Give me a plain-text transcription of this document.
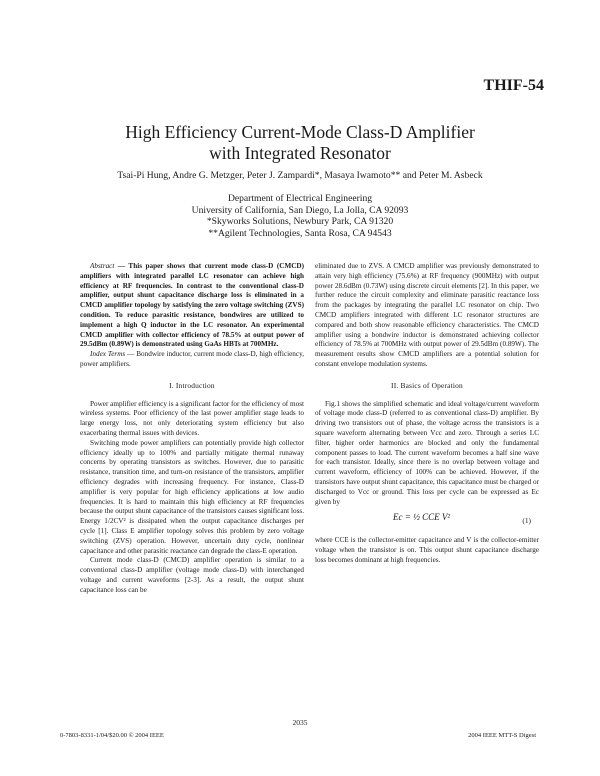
THIF-54
High Efficiency Current-Mode Class-D Amplifier
with Integrated Resonator
Tsai-Pi Hung, Andre G. Metzger, Peter J. Zampardi*, Masaya Iwamoto** and Peter M. Asbeck
Department of Electrical Engineering
University of California, San Diego, La Jolla, CA 92093
*Skyworks Solutions, Newbury Park, CA 91320
**Agilent Technologies, Santa Rosa, CA 94543

Abstract — This paper shows that current mode class-D (CMCD) amplifiers with integrated parallel LC resonator can achieve high efficiency at RF frequencies. In contrast to the conventional class-D amplifier, output shunt capacitance discharge loss is eliminated in a CMCD amplifier topology by satisfying the zero voltage switching (ZVS) condition. To reduce parasitic resistance, bondwires are utilized to implement a high Q inductor in the LC resonator. An experimental CMCD amplifier with collector efficiency of 78.5% at output power of 29.5dBm (0.89W) is demonstrated using GaAs HBTs at 700MHz.

Index Terms — Bondwire inductor, current mode class-D, high efficiency, power amplifiers.

I. Introduction

Power amplifier efficiency is a significant factor for the efficiency of most wireless systems. Poor efficiency of the last power amplifier stage leads to large energy loss, not only deteriorating system efficiency but also exacerbating thermal issues with devices.

Switching mode power amplifiers can potentially provide high collector efficiency ideally up to 100% and partially mitigate thermal runaway concerns by operating transistors as switches. However, due to parasitic resistance, transition time, and turn-on resistance of the transistors, amplifier efficiency degrades with increasing frequency. For instance, Class-D amplifier is very popular for high efficiency applications at low audio frequencies. It is hard to maintain this high efficiency at RF frequencies because the output shunt capacitance of the transistors causes significant loss. Energy 1/2CV² is dissipated when the output capacitance discharges per cycle [1]. Class E amplifier topology solves this problem by zero voltage switching (ZVS) operation. However, uncertain duty cycle, nonlinear capacitance and other parasitic reactance can degrade the class-E operation.

Current mode class-D (CMCD) amplifier operation is similar to a conventional class-D amplifier (voltage mode class-D) with interchanged voltage and current waveforms [2-3]. As a result, the output shunt capacitance loss can be

eliminated due to ZVS. A CMCD amplifier was previously demonstrated to attain very high efficiency (75.6%) at RF frequency (900MHz) with output power 28.6dBm (0.73W) using discrete circuit elements [2]. In this paper, we further reduce the circuit complexity and eliminate parasitic reactance loss from the packages by integrating the parallel LC resonator on chip. Two CMCD amplifiers integrated with different LC resonator structures are compared and both show reasonable efficiency characteristics. The CMCD amplifier using a bondwire inductor is demonstrated achieving collector efficiency of 78.5% at 700MHz with output power of 29.5dBm (0.89W). The measurement results show CMCD amplifiers are a potential solution for constant envelope modulation systems.

II. Basics of Operation

Fig.1 shows the simplified schematic and ideal voltage/current waveform of voltage mode class-D (referred to as conventional class-D) amplifier. By driving two transistors out of phase, the voltage across the transistors is a square waveform alternating between Vcc and zero. Through a series LC filter, higher order harmonics are blocked and only the fundamental component passes to load. The current waveform becomes a half sine wave for each transistor. Ideally, since there is no overlap between voltage and current waveform, efficiency of 100% can be achieved. However, if the transistors have output shunt capacitance, this capacitance must be charged or discharged to Vcc or ground. This loss per cycle can be expressed as Ec given by

Ec = ½ CCE V²	(1)

where CCE is the collector-emitter capacitance and V is the collector-emitter voltage when the transistor is on. This output shunt capacitance discharge loss becomes dominant at high frequencies.

2035
0-7803-8331-1/04/$20.00 © 2004 IEEE	2004 IEEE MTT-S Digest
